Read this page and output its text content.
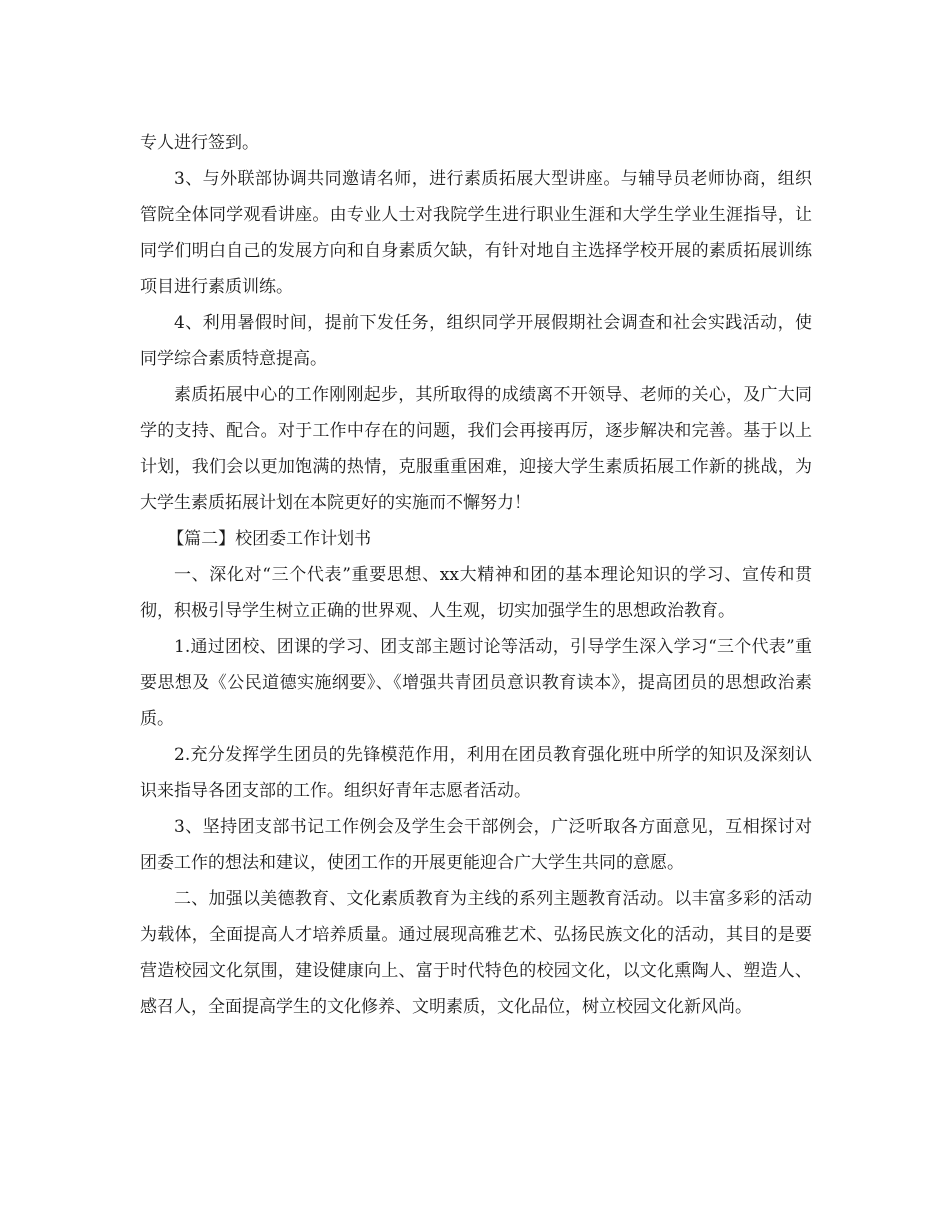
专人进行签到。

3、与外联部协调共同邀请名师，进行素质拓展大型讲座。与辅导员老师协商，组织管院全体同学观看讲座。由专业人士对我院学生进行职业生涯和大学生学业生涯指导，让同学们明白自己的发展方向和自身素质欠缺，有针对地自主选择学校开展的素质拓展训练项目进行素质训练。

4、利用暑假时间，提前下发任务，组织同学开展假期社会调查和社会实践活动，使同学综合素质特意提高。

素质拓展中心的工作刚刚起步，其所取得的成绩离不开领导、老师的关心，及广大同学的支持、配合。对于工作中存在的问题，我们会再接再厉，逐步解决和完善。基于以上计划，我们会以更加饱满的热情，克服重重困难，迎接大学生素质拓展工作新的挑战，为大学生素质拓展计划在本院更好的实施而不懈努力！

【篇二】校团委工作计划书

一、深化对“三个代表”重要思想、xx大精神和团的基本理论知识的学习、宣传和贯彻，积极引导学生树立正确的世界观、人生观，切实加强学生的思想政治教育。

1.通过团校、团课的学习、团支部主题讨论等活动，引导学生深入学习“三个代表”重要思想及《公民道德实施纲要》、《增强共青团员意识教育读本》，提高团员的思想政治素质。

2.充分发挥学生团员的先锋模范作用，利用在团员教育强化班中所学的知识及深刻认识来指导各团支部的工作。组织好青年志愿者活动。

3、坚持团支部书记工作例会及学生会干部例会，广泛听取各方面意见，互相探讨对团委工作的想法和建议，使团工作的开展更能迎合广大学生共同的意愿。

二、加强以美德教育、文化素质教育为主线的系列主题教育活动。以丰富多彩的活动为载体，全面提高人才培养质量。通过展现高雅艺术、弘扬民族文化的活动，其目的是要营造校园文化氛围，建设健康向上、富于时代特色的校园文化，以文化熏陶人、塑造人、感召人，全面提高学生的文化修养、文明素质，文化品位，树立校园文化新风尚。
